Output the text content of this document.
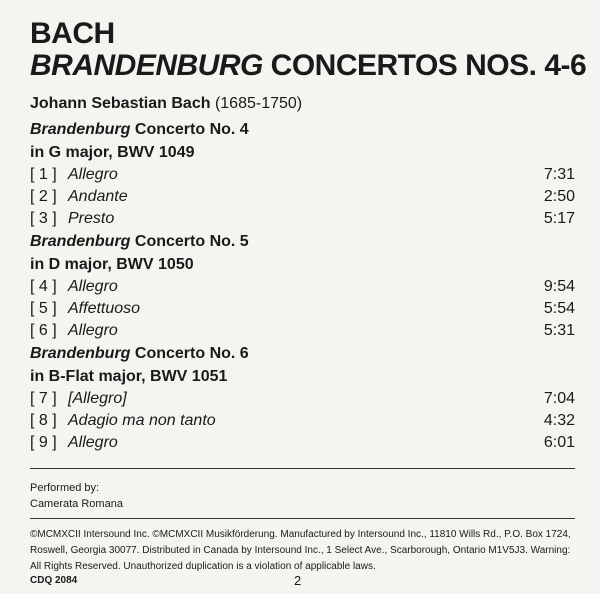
BACH
BRANDENBURG CONCERTOS NOS. 4-6
Johann Sebastian Bach (1685-1750)
Brandenburg Concerto No. 4
in G major, BWV 1049
[ 1 ] Allegro	7:31
[ 2 ] Andante	2:50
[ 3 ] Presto	5:17
Brandenburg Concerto No. 5
in D major, BWV 1050
[ 4 ] Allegro	9:54
[ 5 ] Affettuoso	5:54
[ 6 ] Allegro	5:31
Brandenburg Concerto No. 6
in B-Flat major, BWV 1051
[ 7 ] [Allegro]	7:04
[ 8 ] Adagio ma non tanto	4:32
[ 9 ] Allegro	6:01
Performed by:
Camerata Romana
©MCMXCII Intersound Inc. ©MCMXCII Musikförderung. Manufactured by Intersound Inc., 11810 Wills Rd., P.O. Box 1724, Roswell, Georgia 30077. Distributed in Canada by Intersound Inc., 1 Select Ave., Scarborough, Ontario M1V5J3. Warning: All Rights Reserved. Unauthorized duplication is a violation of applicable laws.
CDQ 2084	2
